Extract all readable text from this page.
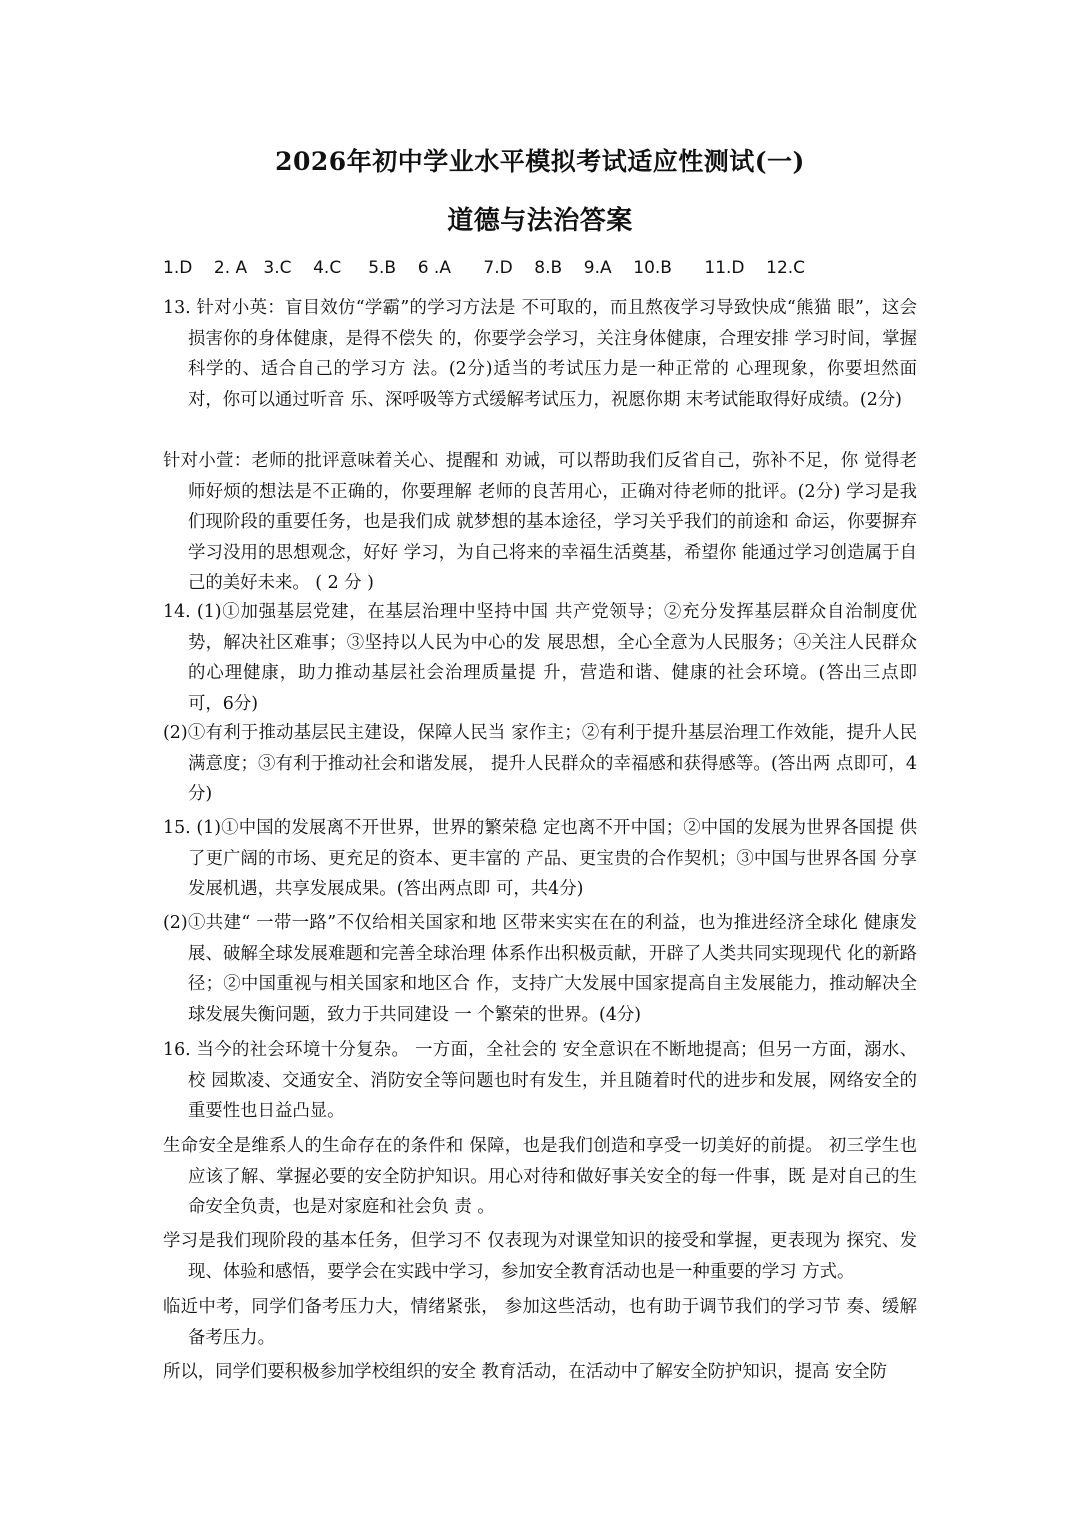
2026年初中学业水平模拟考试适应性测试(一)
道德与法治答案
1.D    2. A   3.C    4.C     5.B    6 .A      7.D    8.B    9.A    10.B      11.D    12.C
13. 针对小英：盲目效仿“学霸”的学习方法是 不可取的，而且熬夜学习导致快成“熊猫 眼”，这会损害你的身体健康，是得不偿失 的，你要学会学习，关注身体健康，合理安排 学习时间，掌握科学的、适合自己的学习方 法。(2分)适当的考试压力是一种正常的 心理现象，你要坦然面对，你可以通过听音 乐、深呼吸等方式缓解考试压力，祝愿你期 末考试能取得好成绩。(2分)
针对小萱：老师的批评意味着关心、提醒和 劝诫，可以帮助我们反省自己，弥补不足，你 觉得老师好烦的想法是不正确的，你要理解 老师的良苦用心，正确对待老师的批评。(2分) 学习是我们现阶段的重要任务，也是我们成 就梦想的基本途径，学习关乎我们的前途和 命运，你要摒弃学习没用的思想观念，好好 学习，为自己将来的幸福生活奠基，希望你 能通过学习创造属于自己的美好未来。 ( 2 分 )
14. (1)①加强基层党建，在基层治理中坚持中国 共产党领导；②充分发挥基层群众自治制度优势，解决社区难事；③坚持以人民为中心的发 展思想，全心全意为人民服务；④关注人民群众的心理健康，助力推动基层社会治理质量提 升，营造和谐、健康的社会环境。(答出三点即 可，6分)
(2)①有利于推动基层民主建设，保障人民当 家作主；②有利于提升基层治理工作效能，提升人民满意度；③有利于推动社会和谐发展， 提升人民群众的幸福感和获得感等。(答出两 点即可，4分)
15. (1)①中国的发展离不开世界，世界的繁荣稳 定也离不开中国；②中国的发展为世界各国提 供了更广阔的市场、更充足的资本、更丰富的 产品、更宝贵的合作契机；③中国与世界各国 分享发展机遇，共享发展成果。(答出两点即 可，共4分)
(2)①共建“ 一带一路”不仅给相关国家和地 区带来实实在在的利益，也为推进经济全球化 健康发展、破解全球发展难题和完善全球治理 体系作出积极贡献，开辟了人类共同实现现代 化的新路径；②中国重视与相关国家和地区合 作，支持广大发展中国家提高自主发展能力，推动解决全球发展失衡问题，致力于共同建设 一 个繁荣的世界。(4分)
16. 当今的社会环境十分复杂。 一方面，全社会的 安全意识在不断地提高；但另一方面，溺水、校 园欺凌、交通安全、消防安全等问题也时有发生，并且随着时代的进步和发展，网络安全的 重要性也日益凸显。
生命安全是维系人的生命存在的条件和 保障，也是我们创造和享受一切美好的前提。 初三学生也应该了解、掌握必要的安全防护知识。用心对待和做好事关安全的每一件事，既 是对自己的生命安全负责，也是对家庭和社会负 责 。
学习是我们现阶段的基本任务，但学习不 仅表现为对课堂知识的接受和掌握，更表现为 探究、发现、体验和感悟，要学会在实践中学习，参加安全教育活动也是一种重要的学习 方式。
临近中考，同学们备考压力大，情绪紧张， 参加这些活动，也有助于调节我们的学习节 奏、缓解备考压力。
所以，同学们要积极参加学校组织的安全 教育活动，在活动中了解安全防护知识，提高 安全防
